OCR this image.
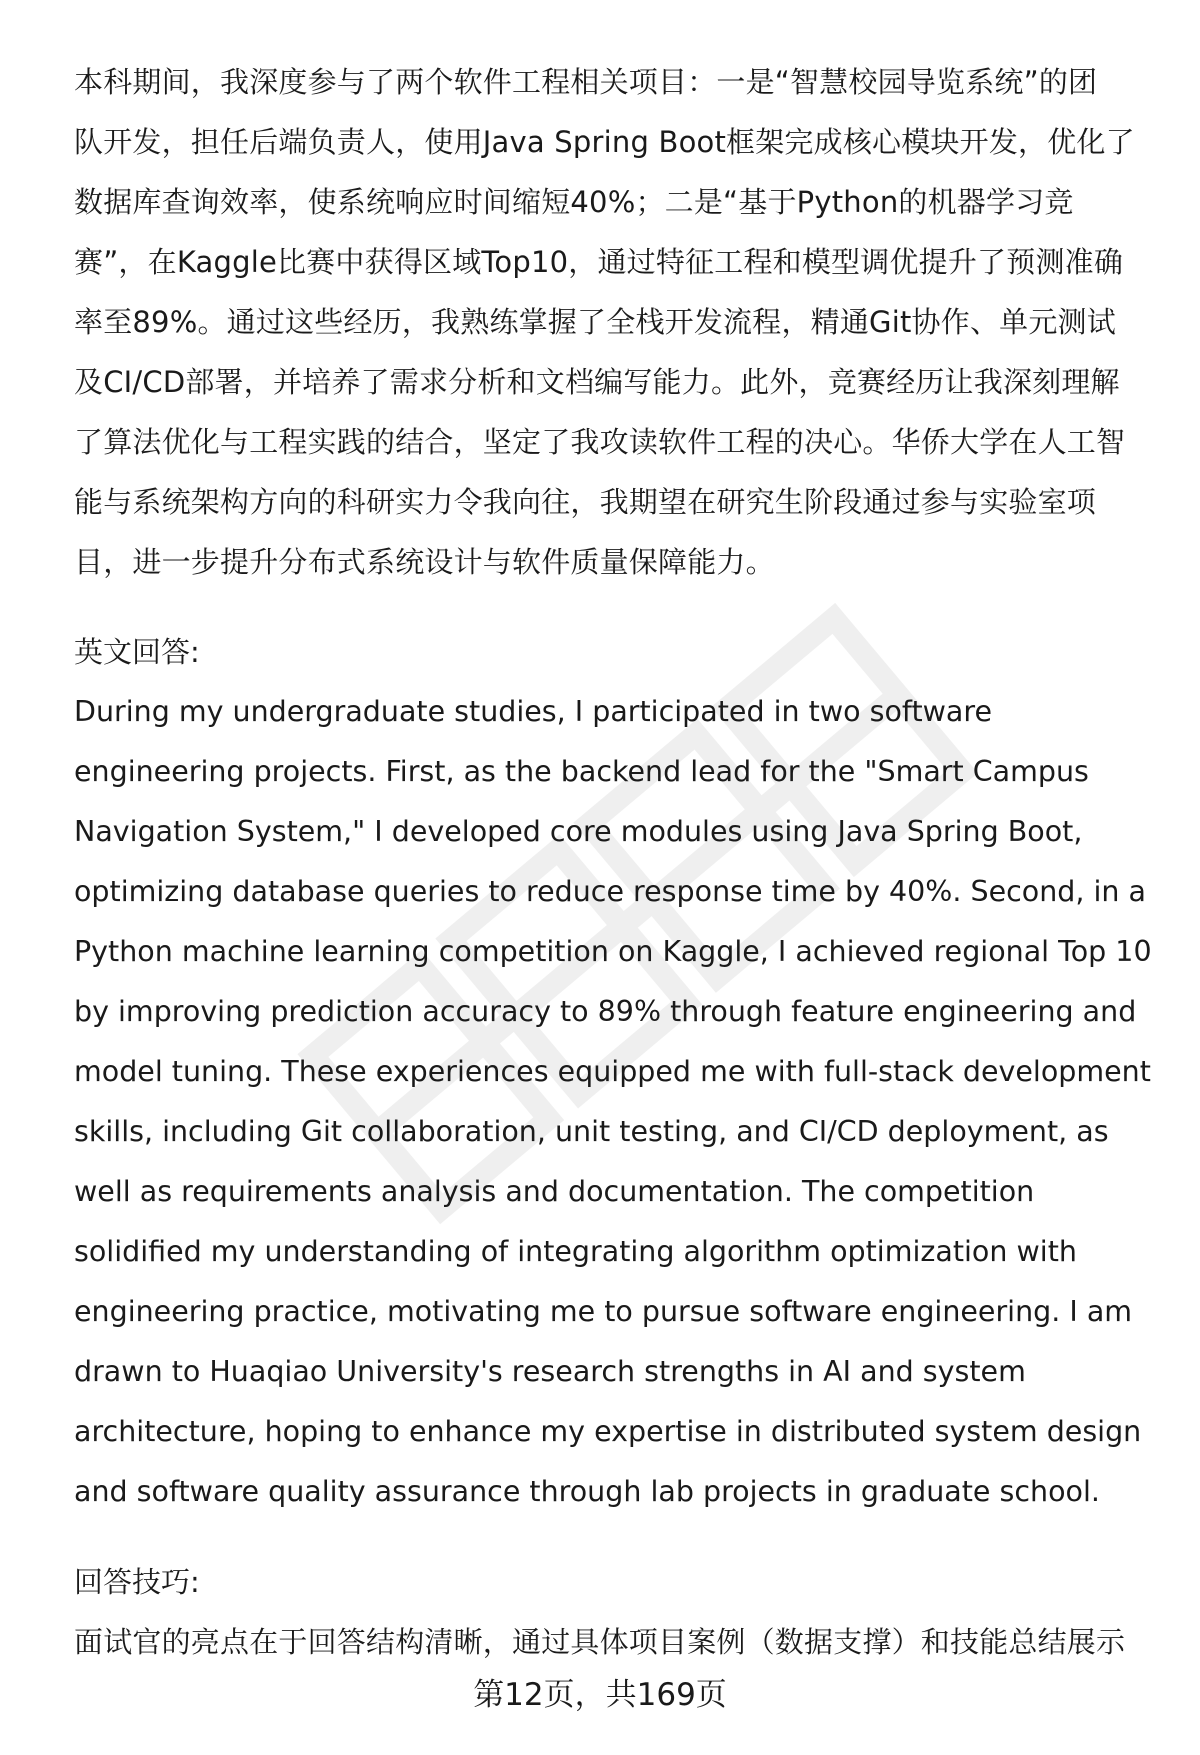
本科期间，我深度参与了两个软件工程相关项目：一是“智慧校园导览系统”的团
队开发，担任后端负责人，使用Java Spring Boot框架完成核心模块开发，优化了
数据库查询效率，使系统响应时间缩短40%；二是“基于Python的机器学习竞
赛”，在Kaggle比赛中获得区域Top10，通过特征工程和模型调优提升了预测准确
率至89%。通过这些经历，我熟练掌握了全栈开发流程，精通Git协作、单元测试
及CI/CD部署，并培养了需求分析和文档编写能力。此外，竞赛经历让我深刻理解
了算法优化与工程实践的结合，坚定了我攻读软件工程的决心。华侨大学在人工智
能与系统架构方向的科研实力令我向往，我期望在研究生阶段通过参与实验室项
目，进一步提升分布式系统设计与软件质量保障能力。
英文回答:
During my undergraduate studies, I participated in two software
engineering projects. First, as the backend lead for the "Smart Campus
Navigation System," I developed core modules using Java Spring Boot,
optimizing database queries to reduce response time by 40%. Second, in a
Python machine learning competition on Kaggle, I achieved regional Top 10
by improving prediction accuracy to 89% through feature engineering and
model tuning. These experiences equipped me with full-stack development
skills, including Git collaboration, unit testing, and CI/CD deployment, as
well as requirements analysis and documentation. The competition
solidified my understanding of integrating algorithm optimization with
engineering practice, motivating me to pursue software engineering. I am
drawn to Huaqiao University's research strengths in AI and system
architecture, hoping to enhance my expertise in distributed system design
and software quality assurance through lab projects in graduate school.
回答技巧:
面试官的亮点在于回答结构清晰，通过具体项目案例（数据支撑）和技能总结展示
第12页，共169页
